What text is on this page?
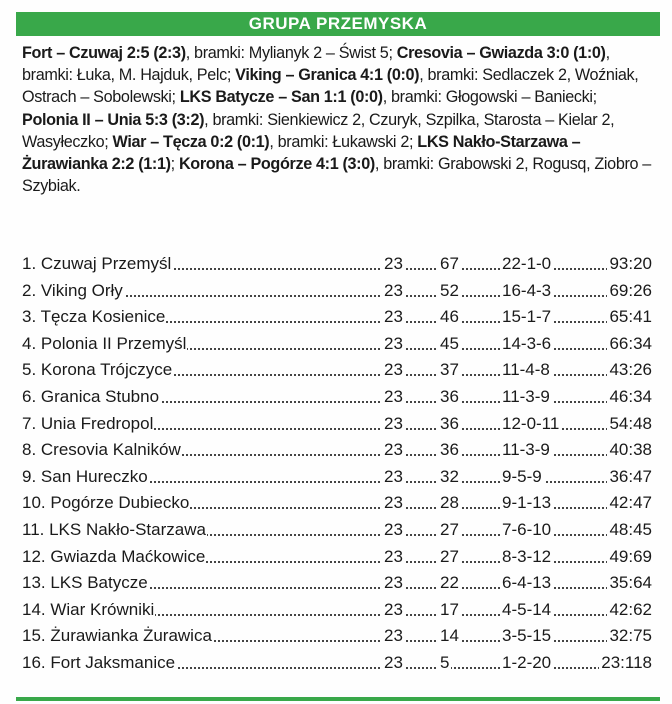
GRUPA PRZEMYSKA
Fort – Czuwaj 2:5 (2:3), bramki: Mylianyk 2 – Świst 5; Cresovia – Gwiazda 3:0 (1:0), bramki: Łuka, M. Hajduk, Pelc; Viking – Granica 4:1 (0:0), bramki: Sedlaczek 2, Woźniak, Ostrach – Sobolewski; LKS Batycze – San 1:1 (0:0), bramki: Głogowski – Baniecki; Polonia II – Unia 5:3 (3:2), bramki: Sienkiewicz 2, Czuryk, Szpilka, Starosta – Kielar 2, Wasyłeczko; Wiar – Tęcza 0:2 (0:1), bramki: Łukawski 2; LKS Nakło-Starzawa – Żurawianka 2:2 (1:1); Korona – Pogórze 4:1 (3:0), bramki: Grabowski 2, Rogusq, Ziobro – Szybiak.
1. Czuwaj Przemyśl	23 67	22-1-0	93:20
2. Viking Orły	23 52	16-4-3	69:26
3. Tęcza Kosienice	23 46	15-1-7	65:41
4. Polonia II Przemyśl	23 45	14-3-6	66:34
5. Korona Trójczyce	23 37	11-4-8	43:26
6. Granica Stubno	23 36	11-3-9	46:34
7. Unia Fredropol	23 36	12-0-11	54:48
8. Cresovia Kalników	23 36	11-3-9	40:38
9. San Hureczko	23 32	9-5-9	36:47
10. Pogórze Dubiecko	23 28	9-1-13	42:47
11. LKS Nakło-Starzawa	23 27	7-6-10	48:45
12. Gwiazda Maćkowice	23 27	8-3-12	49:69
13. LKS Batycze	23 22	6-4-13	35:64
14. Wiar Krówniki	23 17	4-5-14	42:62
15. Żurawianka Żurawica	23 14	3-5-15	32:75
16. Fort Jaksmanice	23 5	1-2-20	23:118
